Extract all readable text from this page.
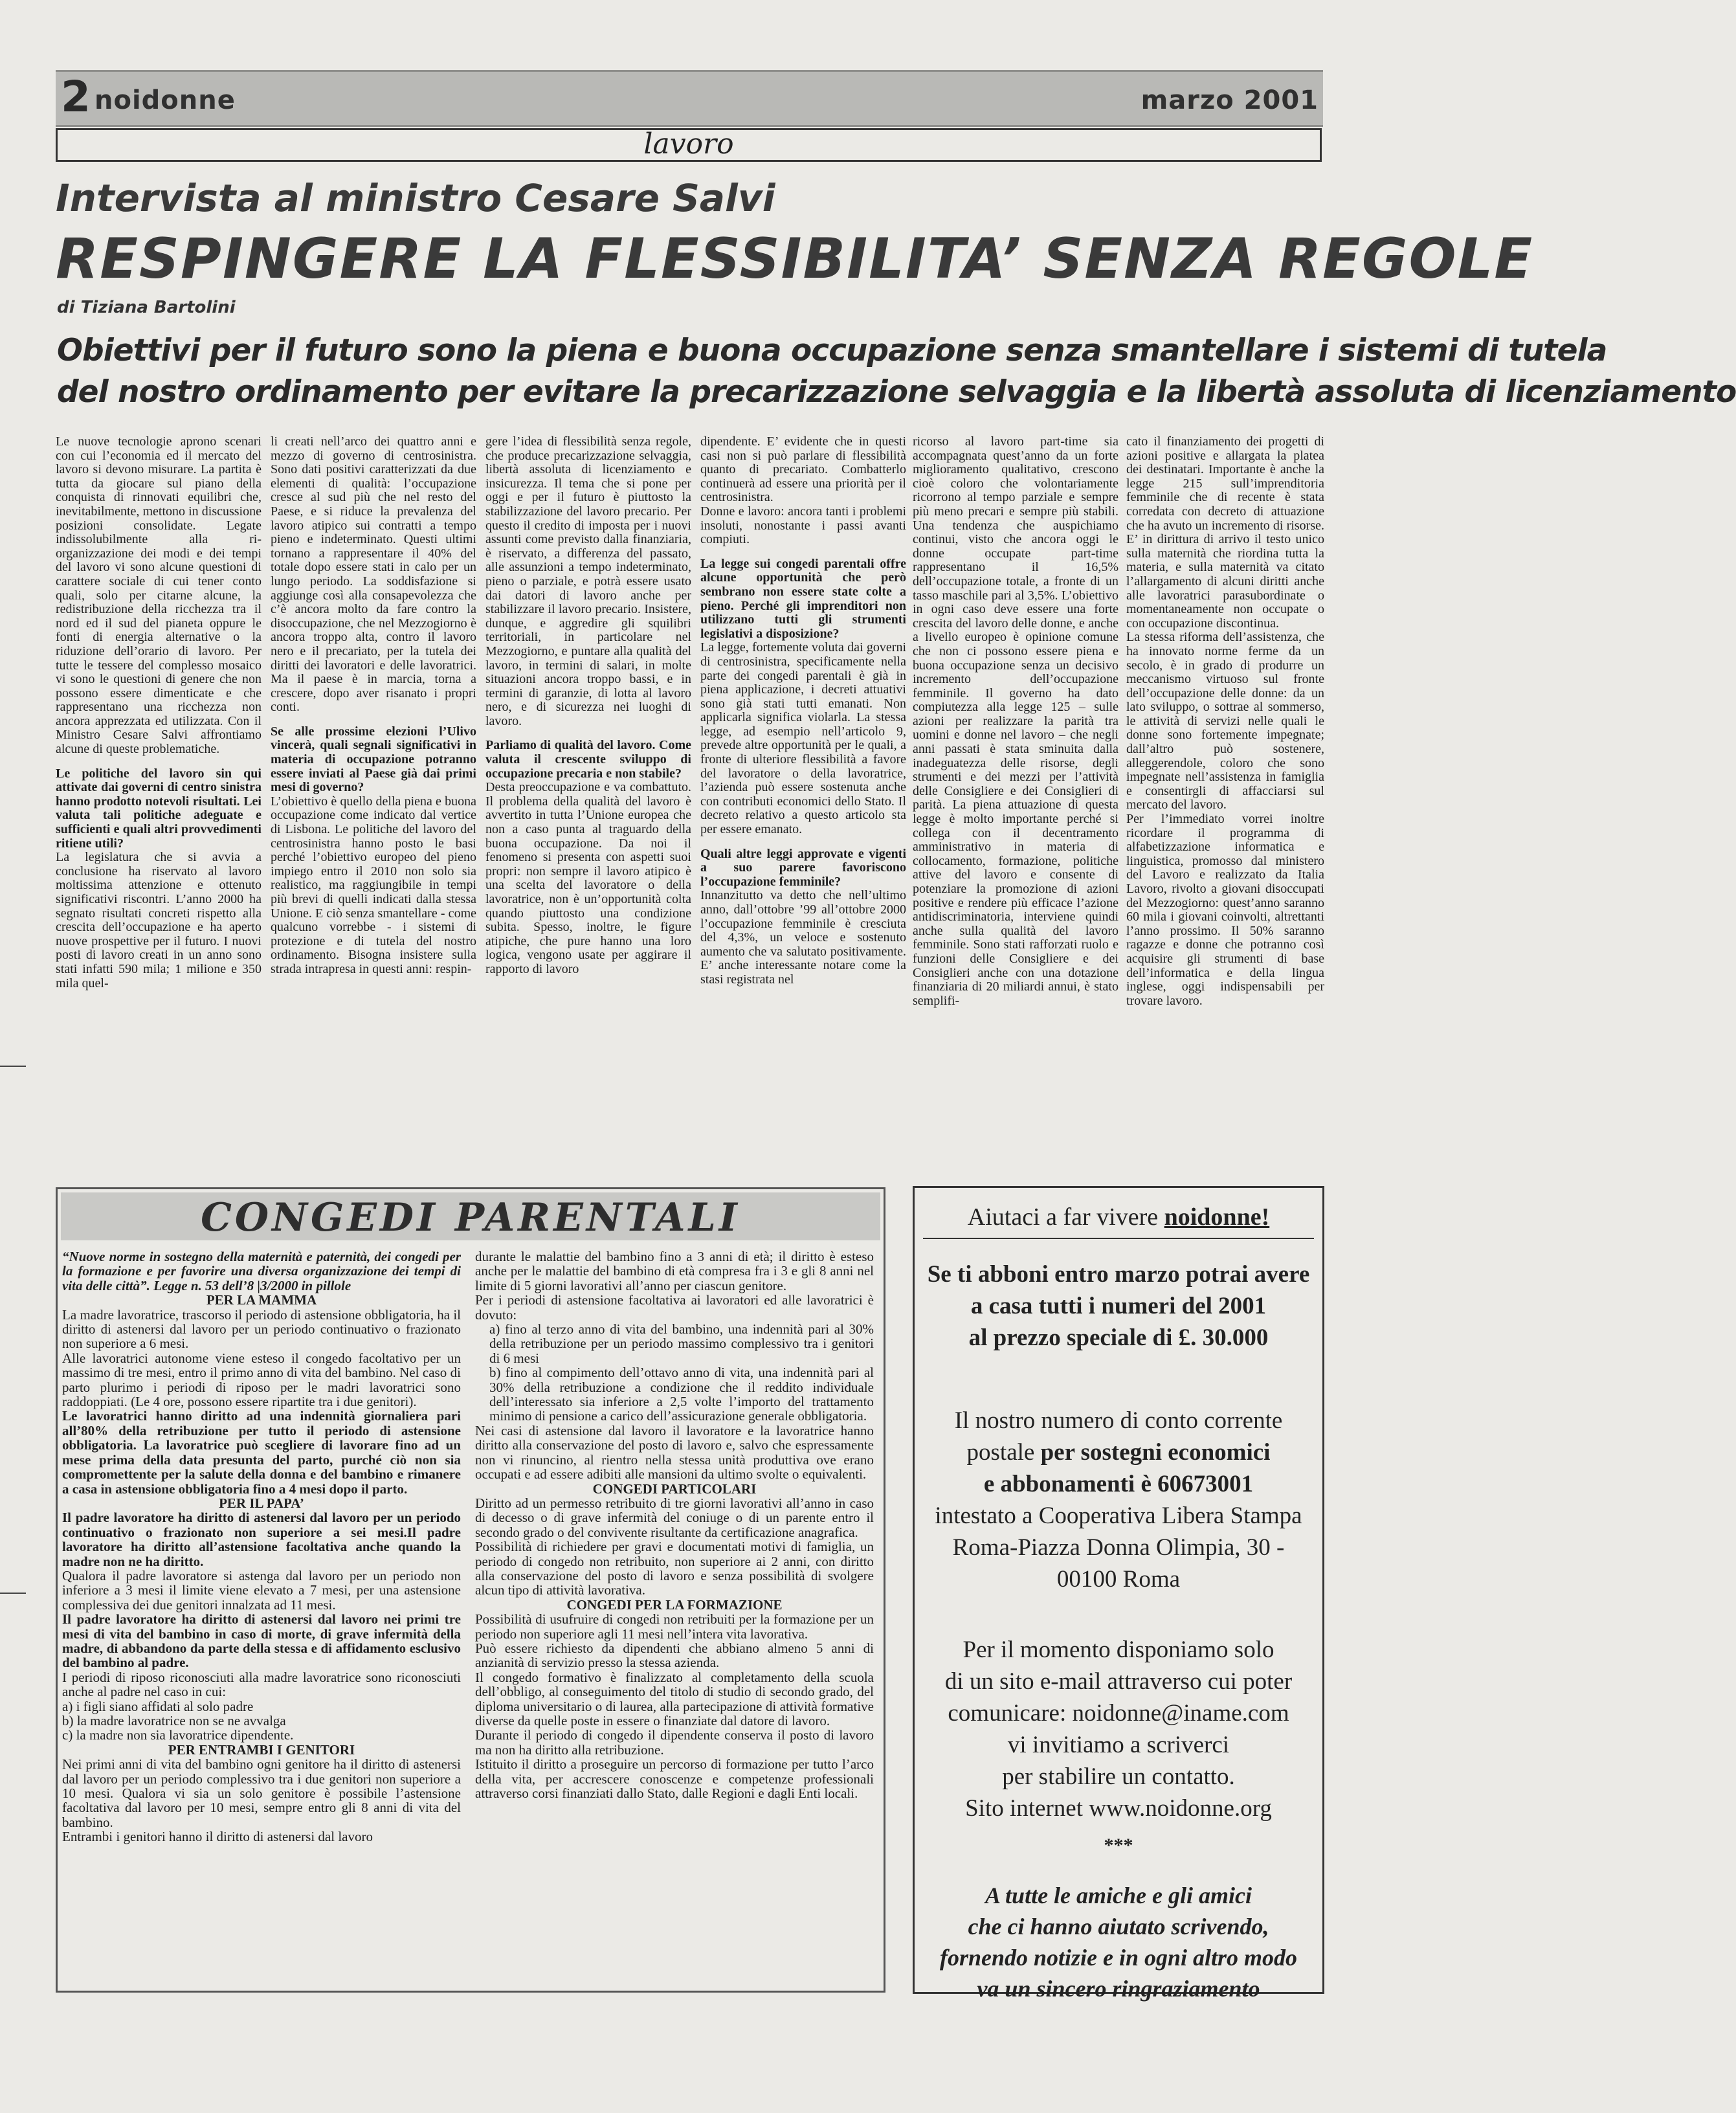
2 noidonne	marzo 2001
lavoro
Intervista al ministro Cesare Salvi
RESPINGERE LA FLESSIBILITA’ SENZA REGOLE
di Tiziana Bartolini
Obiettivi per il futuro sono la piena e buona occupazione senza smantellare i sistemi di tutela
del nostro ordinamento per evitare la precarizzazione selvaggia e la libertà assoluta di licenziamento

Le nuove tecnologie aprono scenari con cui l’economia ed il mercato del lavoro si devono misurare. La partita è tutta da giocare sul piano della conquista di rinnovati equilibri che, inevitabilmente, mettono in discussione posizioni consolidate. Legate indissolubilmente alla ri-organizzazione dei modi e dei tempi del lavoro vi sono alcune questioni di carattere sociale di cui tener conto quali, solo per citarne alcune, la redistribuzione della ricchezza tra il nord ed il sud del pianeta oppure le fonti di energia alternative o la riduzione dell’orario di lavoro. Per tutte le tessere del complesso mosaico vi sono le questioni di genere che non possono essere dimenticate e che rappresentano una ricchezza non ancora apprezzata ed utilizzata. Con il Ministro Cesare Salvi affrontiamo alcune di queste problematiche.

Le politiche del lavoro sin qui attivate dai governi di centro sinistra hanno prodotto notevoli risultati. Lei valuta tali politiche adeguate e sufficienti e quali altri provvedimenti ritiene utili?

La legislatura che si avvia a conclusione ha riservato al lavoro moltissima attenzione e ottenuto significativi riscontri. L’anno 2000 ha segnato risultati concreti rispetto alla crescita dell’occupazione e ha aperto nuove prospettive per il futuro. I nuovi posti di lavoro creati in un anno sono stati infatti 590 mila; 1 milione e 350 mila quel-

li creati nell’arco dei quattro anni e mezzo di governo di centrosinistra. Sono dati positivi caratterizzati da due elementi di qualità: l’occupazione cresce al sud più che nel resto del Paese, e si riduce la prevalenza del lavoro atipico sui contratti a tempo pieno e indeterminato. Questi ultimi tornano a rappresentare il 40% del totale dopo essere stati in calo per un lungo periodo. La soddisfazione si aggiunge così alla consapevolezza che c’è ancora molto da fare contro la disoccupazione, che nel Mezzogiorno è ancora troppo alta, contro il lavoro nero e il precariato, per la tutela dei diritti dei lavoratori e delle lavoratrici. Ma il paese è in marcia, torna a crescere, dopo aver risanato i propri conti.

Se alle prossime elezioni l’Ulivo vincerà, quali segnali significativi in materia di occupazione potranno essere inviati al Paese già dai primi mesi di governo?

L’obiettivo è quello della piena e buona occupazione come indicato dal vertice di Lisbona. Le politiche del lavoro del centrosinistra hanno posto le basi perché l’obiettivo europeo del pieno impiego entro il 2010 non solo sia realistico, ma raggiungibile in tempi più brevi di quelli indicati dalla stessa Unione. E ciò senza smantellare - come qualcuno vorrebbe - i sistemi di protezione e di tutela del nostro ordinamento. Bisogna insistere sulla strada intrapresa in questi anni: respin-

gere l’idea di flessibilità senza regole, che produce precarizzazione selvaggia, libertà assoluta di licenziamento e insicurezza. Il tema che si pone per oggi e per il futuro è piuttosto la stabilizzazione del lavoro precario. Per questo il credito di imposta per i nuovi assunti come previsto dalla finanziaria, è riservato, a differenza del passato, alle assunzioni a tempo indeterminato, pieno o parziale, e potrà essere usato dai datori di lavoro anche per stabilizzare il lavoro precario. Insistere, dunque, e aggredire gli squilibri territoriali, in particolare nel Mezzogiorno, e puntare alla qualità del lavoro, in termini di salari, in molte situazioni ancora troppo bassi, e in termini di garanzie, di lotta al lavoro nero, e di sicurezza nei luoghi di lavoro.

Parliamo di qualità del lavoro. Come valuta il crescente sviluppo di occupazione precaria e non stabile?

Desta preoccupazione e va combattuto. Il problema della qualità del lavoro è avvertito in tutta l’Unione europea che non a caso punta al traguardo della buona occupazione. Da noi il fenomeno si presenta con aspetti suoi propri: non sempre il lavoro atipico è una scelta del lavoratore o della lavoratrice, non è un’opportunità colta quando piuttosto una condizione subita. Spesso, inoltre, le figure atipiche, che pure hanno una loro logica, vengono usate per aggirare il rapporto di lavoro

dipendente. E’ evidente che in questi casi non si può parlare di flessibilità quanto di precariato. Combatterlo continuerà ad essere una priorità per il centrosinistra.

Donne e lavoro: ancora tanti i problemi insoluti, nonostante i passi avanti compiuti.

La legge sui congedi parentali offre alcune opportunità che però sembrano non essere state colte a pieno. Perché gli imprenditori non utilizzano tutti gli strumenti legislativi a disposizione?

La legge, fortemente voluta dai governi di centrosinistra, specificamente nella parte dei congedi parentali è già in piena applicazione, i decreti attuativi sono già stati tutti emanati. Non applicarla significa violarla. La stessa legge, ad esempio nell’articolo 9, prevede altre opportunità per le quali, a fronte di ulteriore flessibilità a favore del lavoratore o della lavoratrice, l’azienda può essere sostenuta anche con contributi economici dello Stato. Il decreto relativo a questo articolo sta per essere emanato.

Quali altre leggi approvate e vigenti a suo parere favoriscono l’occupazione femminile?

Innanzitutto va detto che nell’ultimo anno, dall’ottobre ’99 all’ottobre 2000 l’occupazione femminile è cresciuta del 4,3%, un veloce e sostenuto aumento che va salutato positivamente. E’ anche interessante notare come la stasi registrata nel

ricorso al lavoro part-time sia accompagnata quest’anno da un forte miglioramento qualitativo, crescono cioè coloro che volontariamente ricorrono al tempo parziale e sempre più meno precari e sempre più stabili. Una tendenza che auspichiamo continui, visto che ancora oggi le donne occupate part-time rappresentano il 16,5% dell’occupazione totale, a fronte di un tasso maschile pari al 3,5%. L’obiettivo in ogni caso deve essere una forte crescita del lavoro delle donne, e anche a livello europeo è opinione comune che non ci possono essere piena e buona occupazione senza un decisivo incremento dell’occupazione femminile. Il governo ha dato compiutezza alla legge 125 – sulle azioni per realizzare la parità tra uomini e donne nel lavoro – che negli anni passati è stata sminuita dalla inadeguatezza delle risorse, degli strumenti e dei mezzi per l’attività delle Consigliere e dei Consiglieri di parità. La piena attuazione di questa legge è molto importante perché si collega con il decentramento amministrativo in materia di collocamento, formazione, politiche attive del lavoro e consente di potenziare la promozione di azioni positive e rendere più efficace l’azione antidiscriminatoria, interviene quindi anche sulla qualità del lavoro femminile. Sono stati rafforzati ruolo e funzioni delle Consigliere e dei Consiglieri anche con una dotazione finanziaria di 20 miliardi annui, è stato semplifi-

cato il finanziamento dei progetti di azioni positive e allargata la platea dei destinatari. Importante è anche la legge 215 sull’imprenditoria femminile che di recente è stata corredata con decreto di attuazione che ha avuto un incremento di risorse. E’ in dirittura di arrivo il testo unico sulla maternità che riordina tutta la materia, e sulla maternità va citato l’allargamento di alcuni diritti anche alle lavoratrici parasubordinate o momentaneamente non occupate o con occupazione discontinua.

La stessa riforma dell’assistenza, che ha innovato norme ferme da un secolo, è in grado di produrre un meccanismo virtuoso sul fronte dell’occupazione delle donne: da un lato sviluppo, o sottrae al sommerso, le attività di servizi nelle quali le donne sono fortemente impegnate; dall’altro può sostenere, alleggerendole, coloro che sono impegnate nell’assistenza in famiglia e consentirgli di affacciarsi sul mercato del lavoro.

Per l’immediato vorrei inoltre ricordare il programma di alfabetizzazione informatica e linguistica, promosso dal ministero del Lavoro e realizzato da Italia Lavoro, rivolto a giovani disoccupati del Mezzogiorno: quest’anno saranno 60 mila i giovani coinvolti, altrettanti l’anno prossimo. Il 50% saranno ragazze e donne che potranno così acquisire gli strumenti di base dell’informatica e della lingua inglese, oggi indispensabili per trovare lavoro.

CONGEDI PARENTALI

“Nuove norme in sostegno della maternità e paternità, dei congedi per la formazione e per favorire una diversa organizzazione dei tempi di vita delle città”. Legge n. 53 dell’8 |3/2000 in pillole

PER LA MAMMA

La madre lavoratrice, trascorso il periodo di astensione obbligatoria, ha il diritto di astenersi dal lavoro per un periodo continuativo o frazionato non superiore a 6 mesi.

Alle lavoratrici autonome viene esteso il congedo facoltativo per un massimo di tre mesi, entro il primo anno di vita del bambino. Nel caso di parto plurimo i periodi di riposo per le madri lavoratrici sono raddoppiati. (Le 4 ore, possono essere ripartite tra i due genitori).

Le lavoratrici hanno diritto ad una indennità giornaliera pari all’80% della retribuzione per tutto il periodo di astensione obbligatoria. La lavoratrice può scegliere di lavorare fino ad un mese prima della data presunta del parto, purché ciò non sia compromettente per la salute della donna e del bambino e rimanere a casa in astensione obbligatoria fino a 4 mesi dopo il parto.

PER IL PAPA’

Il padre lavoratore ha diritto di astenersi dal lavoro per un periodo continuativo o frazionato non superiore a sei mesi.Il padre lavoratore ha diritto all’astensione facoltativa anche quando la madre non ne ha diritto.

Qualora il padre lavoratore si astenga dal lavoro per un periodo non inferiore a 3 mesi il limite viene elevato a 7 mesi, per una astensione complessiva dei due genitori innalzata ad 11 mesi.

Il padre lavoratore ha diritto di astenersi dal lavoro nei primi tre mesi di vita del bambino in caso di morte, di grave infermità della madre, di abbandono da parte della stessa e di affidamento esclusivo del bambino al padre.

I periodi di riposo riconosciuti alla madre lavoratrice sono riconosciuti anche al padre nel caso in cui:

a) i figli siano affidati al solo padre

b) la madre lavoratrice non se ne avvalga

c) la madre non sia lavoratrice dipendente.

PER ENTRAMBI I GENITORI

Nei primi anni di vita del bambino ogni genitore ha il diritto di astenersi dal lavoro per un periodo complessivo tra i due genitori non superiore a 10 mesi. Qualora vi sia un solo genitore è possibile l’astensione facoltativa dal lavoro per 10 mesi, sempre entro gli 8 anni di vita del bambino.

Entrambi i genitori hanno il diritto di astenersi dal lavoro

durante le malattie del bambino fino a 3 anni di età; il diritto è esteso anche per le malattie del bambino di età compresa fra i 3 e gli 8 anni nel limite di 5 giorni lavorativi all’anno per ciascun genitore.

Per i periodi di astensione facoltativa ai lavoratori ed alle lavoratrici è dovuto:

a) fino al terzo anno di vita del bambino, una indennità pari al 30% della retribuzione per un periodo massimo complessivo tra i genitori di 6 mesi

b) fino al compimento dell’ottavo anno di vita, una indennità pari al 30% della retribuzione a condizione che il reddito individuale dell’interessato sia inferiore a 2,5 volte l’importo del trattamento minimo di pensione a carico dell’assicurazione generale obbligatoria.

Nei casi di astensione dal lavoro il lavoratore e la lavoratrice hanno diritto alla conservazione del posto di lavoro e, salvo che espressamente non vi rinuncino, al rientro nella stessa unità produttiva ove erano occupati e ad essere adibiti alle mansioni da ultimo svolte o equivalenti.

CONGEDI PARTICOLARI

Diritto ad un permesso retribuito di tre giorni lavorativi all’anno in caso di decesso o di grave infermità del coniuge o di un parente entro il secondo grado o del convivente risultante da certificazione anagrafica.

Possibilità di richiedere per gravi e documentati motivi di famiglia, un periodo di congedo non retribuito, non superiore ai 2 anni, con diritto alla conservazione del posto di lavoro e senza possibilità di svolgere alcun tipo di attività lavorativa.

CONGEDI PER LA FORMAZIONE

Possibilità di usufruire di congedi non retribuiti per la formazione per un periodo non superiore agli 11 mesi nell’intera vita lavorativa.

Può essere richiesto da dipendenti che abbiano almeno 5 anni di anzianità di servizio presso la stessa azienda.

Il congedo formativo è finalizzato al completamento della scuola dell’obbligo, al conseguimento del titolo di studio di secondo grado, del diploma universitario o di laurea, alla partecipazione di attività formative diverse da quelle poste in essere o finanziate dal datore di lavoro.

Durante il periodo di congedo il dipendente conserva il posto di lavoro ma non ha diritto alla retribuzione.

Istituito il diritto a proseguire un percorso di formazione per tutto l’arco della vita, per accrescere conoscenze e competenze professionali attraverso corsi finanziati dallo Stato, dalle Regioni e dagli Enti locali.

Aiutaci a far vivere noidonne!
Se ti abboni entro marzo potrai avere
a casa tutti i numeri del 2001
al prezzo speciale di £. 30.000
Il nostro numero di conto corrente
postale per sostegni economici
e abbonamenti è 60673001
intestato a Cooperativa Libera Stampa
Roma-Piazza Donna Olimpia, 30 -
00100 Roma
Per il momento disponiamo solo
di un sito e-mail attraverso cui poter
comunicare: noidonne@iname.com
vi invitiamo a scriverci
per stabilire un contatto.
Sito internet www.noidonne.org
***
A tutte le amiche e gli amici
che ci hanno aiutato scrivendo,
fornendo notizie e in ogni altro modo
va un sincero ringraziamento
